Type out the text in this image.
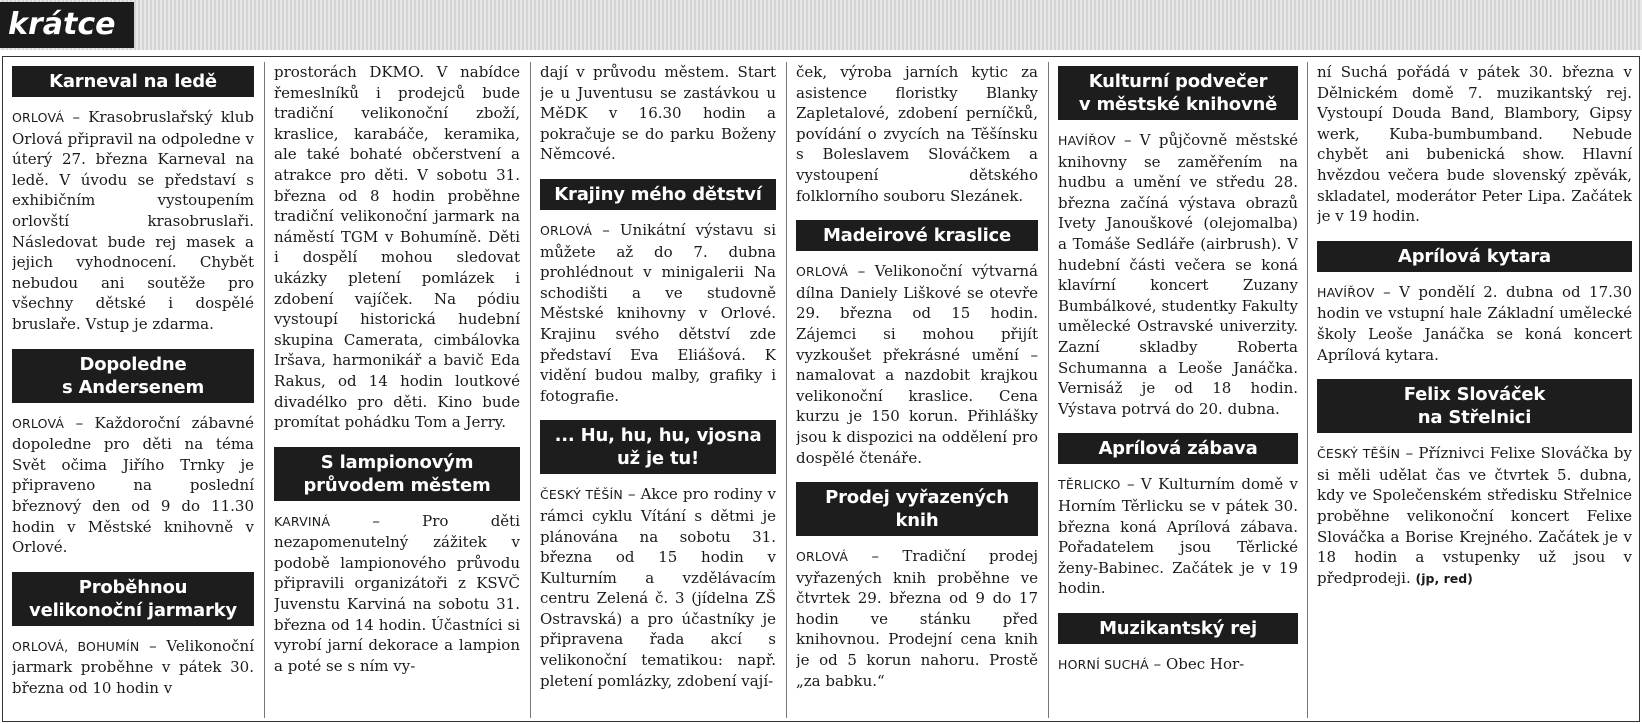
krátce
Karneval na ledě

ORLOVÁ – Krasobruslařský klub Orlová připravil na odpoledne v úterý 27. března Karneval na ledě. V úvodu se představí s exhibičním vystoupením orlovští krasobruslaři. Následovat bude rej masek a jejich vyhodnocení. Chybět nebudou ani soutěže pro všechny dětské i dospělé bruslaře. Vstup je zdarma.

Dopoledne
s Andersenem

ORLOVÁ – Každoroční zábavné dopoledne pro děti na téma Svět očima Jiřího Trnky je připraveno na poslední březnový den od 9 do 11.30 hodin v Městské knihovně v Orlové.

Proběhnou
velikonoční jarmarky

ORLOVÁ, BOHUMÍN – Velikonoční jarmark proběhne v pátek 30. března od 10 hodin v

prostorách DKMO. V nabídce řemeslníků i prodejců bude tradiční velikonoční zboží, kraslice, karabáče, keramika, ale také bohaté občerstvení a atrakce pro děti. V sobotu 31. března od 8 hodin proběhne tradiční velikonoční jarmark na náměstí TGM v Bohumíně. Děti i dospělí mohou sledovat ukázky pletení pomlázek i zdobení vajíček. Na pódiu vystoupí historická hudební skupina Camerata, cimbálovka Iršava, harmonikář a bavič Eda Rakus, od 14 hodin loutkové divadélko pro děti. Kino bude promítat pohádku Tom a Jerry.

S lampionovým
průvodem městem

KARVINÁ – Pro děti nezapomenutelný zážitek v podobě lampionového průvodu připravili organizátoři z KSVČ Juvenstu Karviná na sobotu 31. března od 14 hodin. Účastníci si vyrobí jarní dekorace a lampion a poté se s ním vy-

dají v průvodu městem. Start je u Juventusu se zastávkou u MěDK v 16.30 hodin a pokračuje se do parku Boženy Němcové.

Krajiny mého dětství

ORLOVÁ – Unikátní výstavu si můžete až do 7. dubna prohlédnout v minigalerii Na schodišti a ve studovně Městské knihovny v Orlové. Krajinu svého dětství zde představí Eva Eliášová. K vidění budou malby, grafiky i fotografie.

... Hu, hu, hu, vjosna
už je tu!

ČESKÝ TĚŠÍN – Akce pro rodiny v rámci cyklu Vítání s dětmi je plánována na sobotu 31. března od 15 hodin v Kulturním a vzdělávacím centru Zelená č. 3 (jídelna ZŠ Ostravská) a pro účastníky je připravena řada akcí s velikonoční tematikou: např. pletení pomlázky, zdobení vají-

ček, výroba jarních kytic za asistence floristky Blanky Zapletalové, zdobení perníčků, povídání o zvycích na Těšínsku s Boleslavem Slováčkem a vystoupení dětského folklorního souboru Slezánek.

Madeirové kraslice

ORLOVÁ – Velikonoční výtvarná dílna Daniely Liškové se otevře 29. března od 15 hodin. Zájemci si mohou přijít vyzkoušet překrásné umění – namalovat a nazdobit krajkou velikonoční kraslice. Cena kurzu je 150 korun. Přihlášky jsou k dispozici na oddělení pro dospělé čtenáře.

Prodej vyřazených knih

ORLOVÁ – Tradiční prodej vyřazených knih proběhne ve čtvrtek 29. března od 9 do 17 hodin ve stánku před knihovnou. Prodejní cena knih je od 5 korun nahoru. Prostě „za babku.“

Kulturní podvečer
v městské knihovně

HAVÍŘOV – V půjčovně městské knihovny se zaměřením na hudbu a umění ve středu 28. března začíná výstava obrazů Ivety Janouškové (olejomalba) a Tomáše Sedláře (airbrush). V hudební části večera se koná klavírní koncert Zuzany Bumbálkové, studentky Fakulty umělecké Ostravské univerzity. Zazní skladby Roberta Schumanna a Leoše Janáčka. Vernisáž je od 18 hodin. Výstava potrvá do 20. dubna.

Aprílová zábava

TĚRLICKO – V Kulturním domě v Horním Těrlicku se v pátek 30. března koná Aprílová zábava. Pořadatelem jsou Těrlické ženy-Babinec. Začátek je v 19 hodin.

Muzikantský rej

HORNÍ SUCHÁ – Obec Hor-

ní Suchá pořádá v pátek 30. března v Dělnickém domě 7. muzikantský rej. Vystoupí Douda Band, Blambory, Gipsy werk, Kuba-bumbumband. Nebude chybět ani bubenická show. Hlavní hvězdou večera bude slovenský zpěvák, skladatel, moderátor Peter Lipa. Začátek je v 19 hodin.

Aprílová kytara

HAVÍŘOV – V pondělí 2. dubna od 17.30 hodin ve vstupní hale Základní umělecké školy Leoše Janáčka se koná koncert Aprílová kytara.

Felix Slováček
na Střelnici

ČESKÝ TĚŠÍN – Příznivci Felixe Slováčka by si měli udělat čas ve čtvrtek 5. dubna, kdy ve Společenském středisku Střelnice proběhne velikonoční koncert Felixe Slováčka a Borise Krejného. Začátek je v 18 hodin a vstupenky už jsou v předprodeji. (jp, red)
